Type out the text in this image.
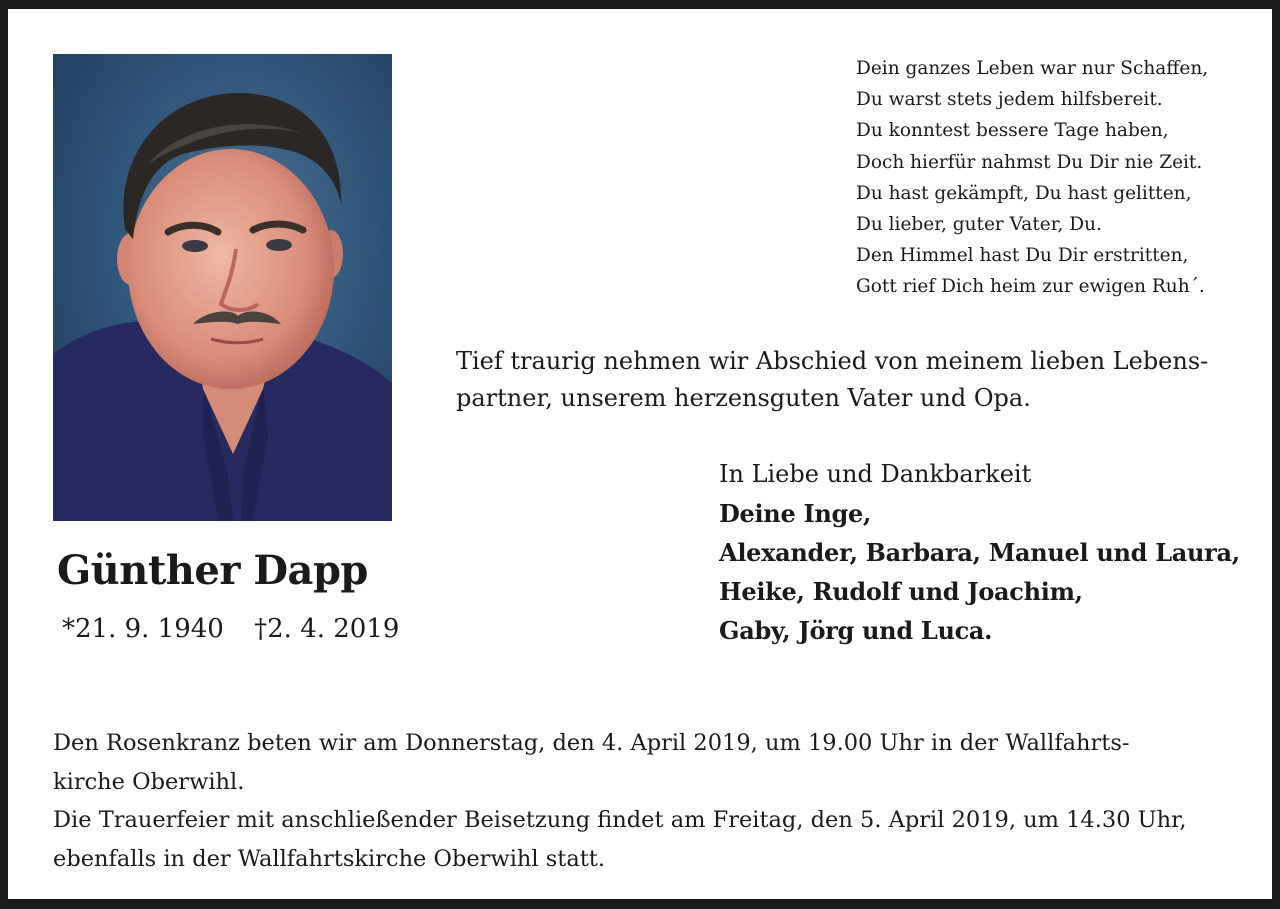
Günther Dapp
*21. 9. 1940 †2. 4. 2019
Dein ganzes Leben war nur Schaffen,
Du warst stets jedem hilfsbereit.
Du konntest bessere Tage haben,
Doch hierfür nahmst Du Dir nie Zeit.
Du hast gekämpft, Du hast gelitten,
Du lieber, guter Vater, Du.
Den Himmel hast Du Dir erstritten,
Gott rief Dich heim zur ewigen Ruh´.
Tief traurig nehmen wir Abschied von meinem lieben Lebens-
partner, unserem herzensguten Vater und Opa.
In Liebe und Dankbarkeit
Deine Inge,
Alexander, Barbara, Manuel und Laura,
Heike, Rudolf und Joachim,
Gaby, Jörg und Luca.
Den Rosenkranz beten wir am Donnerstag, den 4. April 2019, um 19.00 Uhr in der Wallfahrts-
kirche Oberwihl.
Die Trauerfeier mit anschließender Beisetzung findet am Freitag, den 5. April 2019, um 14.30 Uhr,
ebenfalls in der Wallfahrtskirche Oberwihl statt.
